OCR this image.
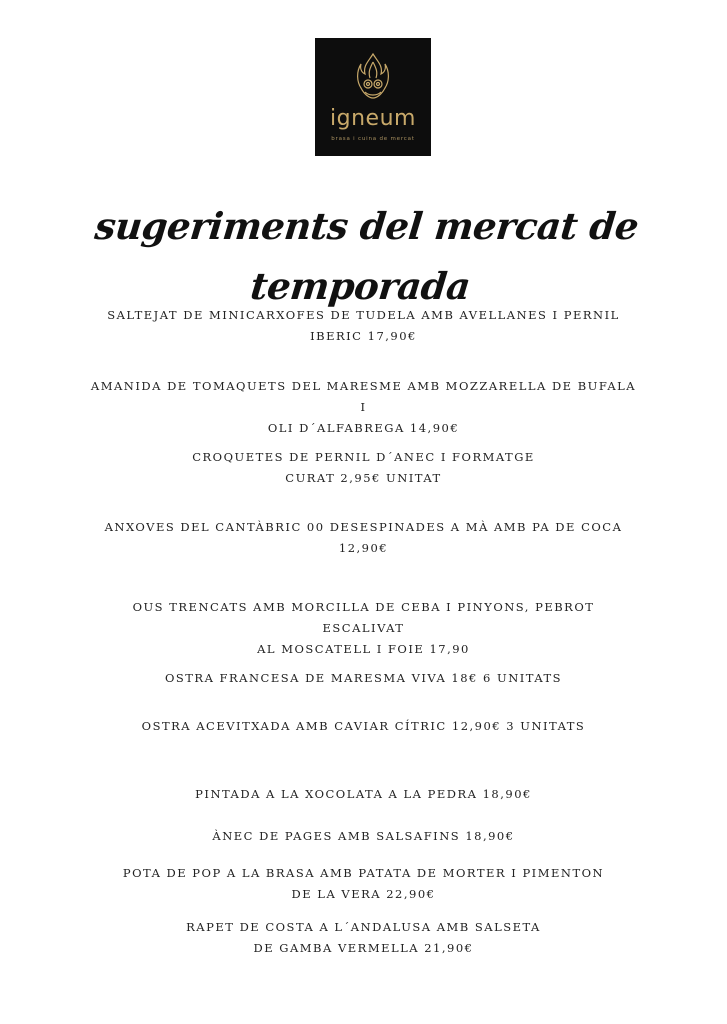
igneum
brasa i cuina de mercat
sugeriments del mercat de temporada
SALTEJAT DE MINICARXOFES DE TUDELA AMB AVELLANES I PERNIL
IBERIC 17,90€
AMANIDA DE TOMAQUETS DEL MARESME AMB MOZZARELLA DE BUFALA I
OLI D´ALFABREGA 14,90€
CROQUETES DE PERNIL D´ANEC I FORMATGE
CURAT 2,95€ UNITAT
ANXOVES DEL CANTÀBRIC 00 DESESPINADES A MÀ AMB PA DE COCA
12,90€
OUS TRENCATS AMB MORCILLA DE CEBA I PINYONS, PEBROT ESCALIVAT
AL MOSCATELL I FOIE 17,90
OSTRA FRANCESA DE MARESMA VIVA 18€ 6 UNITATS
OSTRA ACEVITXADA AMB CAVIAR CÍTRIC 12,90€ 3 UNITATS
PINTADA A LA XOCOLATA A LA PEDRA 18,90€
ÀNEC DE PAGES AMB SALSAFINS 18,90€
POTA DE POP A LA BRASA AMB PATATA DE MORTER I PIMENTON
DE LA VERA 22,90€
RAPET DE COSTA A L´ANDALUSA AMB SALSETA
DE GAMBA VERMELLA 21,90€
